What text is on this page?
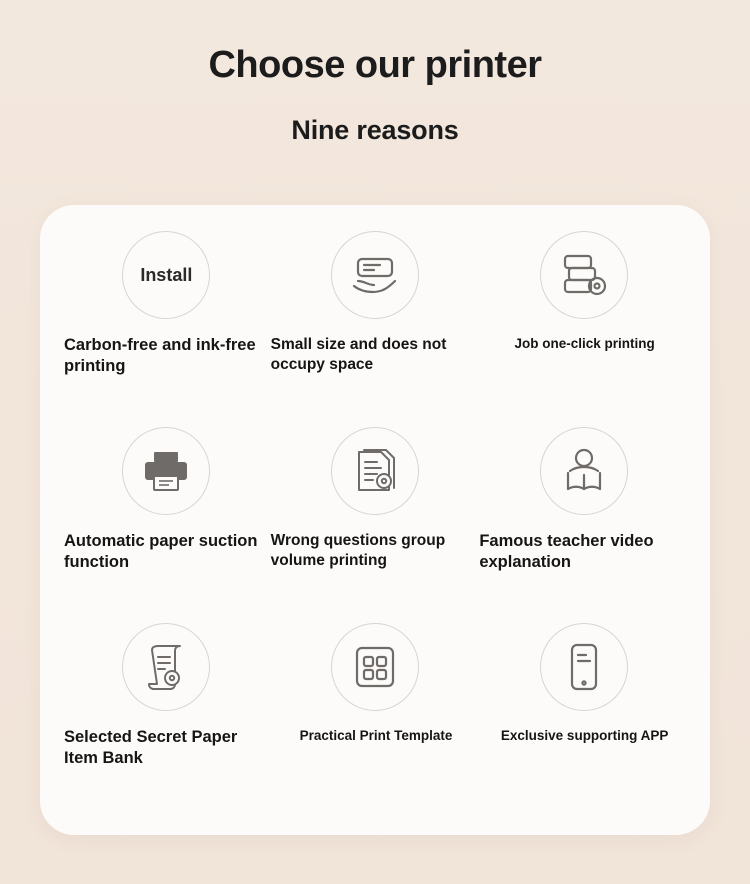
Choose our printer
Nine reasons
Install
Carbon-free and ink-free printing
Small size and does not occupy space
Job one-click printing
Automatic paper suction function
Wrong questions group volume printing
Famous teacher video explanation
Selected Secret Paper Item Bank
Practical Print Template	Exclusive supporting APP
